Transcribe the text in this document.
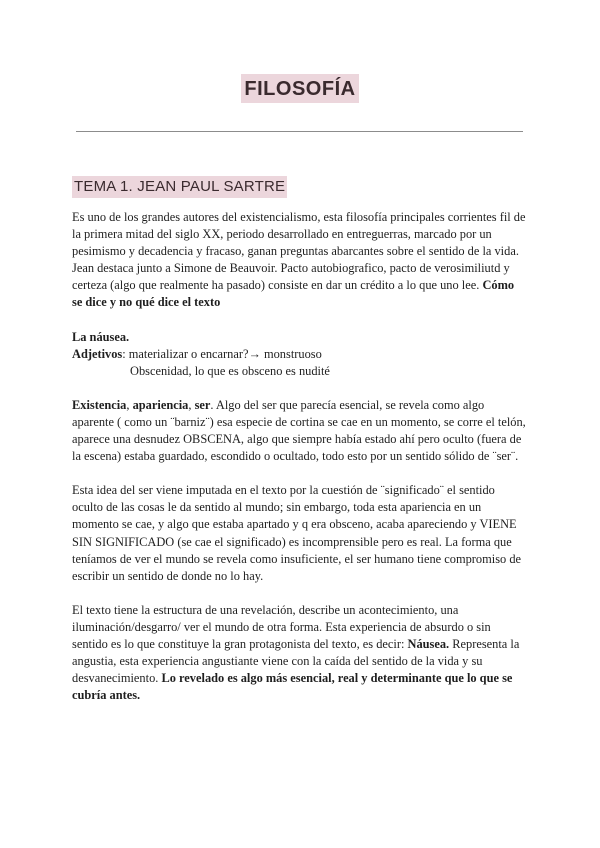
FILOSOFÍA
TEMA 1. JEAN PAUL SARTRE

Es uno de los grandes autores del existencialismo, esta filosofía principales corrientes fil de la primera mitad del siglo XX, periodo desarrollado en entreguerras, marcado por un pesimismo y decadencia y fracaso, ganan preguntas abarcantes sobre el sentido de la vida. Jean destaca junto a Simone de Beauvoir. Pacto autobiografico, pacto de verosimiliutd y certeza (algo que realmente ha pasado) consiste en dar un crédito a lo que uno lee. Cómo se dice y no qué dice el texto

La náusea.

Adjetivos: materializar o encarnar?→ monstruoso

Obscenidad, lo que es obsceno es nudité

Existencia, apariencia, ser. Algo del ser que parecía esencial, se revela como algo aparente ( como un ¨barniz¨) esa especie de cortina se cae en un momento, se corre el telón, aparece una desnudez OBSCENA, algo que siempre había estado ahí pero oculto (fuera de la escena) estaba guardado, escondido o ocultado, todo esto por un sentido sólido de ¨ser¨.

Esta idea del ser viene imputada en el texto por la cuestión de ¨significado¨ el sentido oculto de las cosas le da sentido al mundo; sin embargo, toda esta apariencia en un momento se cae, y algo que estaba apartado y q era obsceno, acaba apareciendo y VIENE SIN SIGNIFICADO (se cae el significado) es incomprensible pero es real. La forma que teníamos de ver el mundo se revela como insuficiente, el ser humano tiene compromiso de escribir un sentido de donde no lo hay.

El texto tiene la estructura de una revelación, describe un acontecimiento, una iluminación/desgarro/ ver el mundo de otra forma. Esta experiencia de absurdo o sin sentido es lo que constituye la gran protagonista del texto, es decir: Náusea. Representa la angustia, esta experiencia angustiante viene con la caída del sentido de la vida y su desvanecimiento. Lo revelado es algo más esencial, real y determinante que lo que se cubría antes.
